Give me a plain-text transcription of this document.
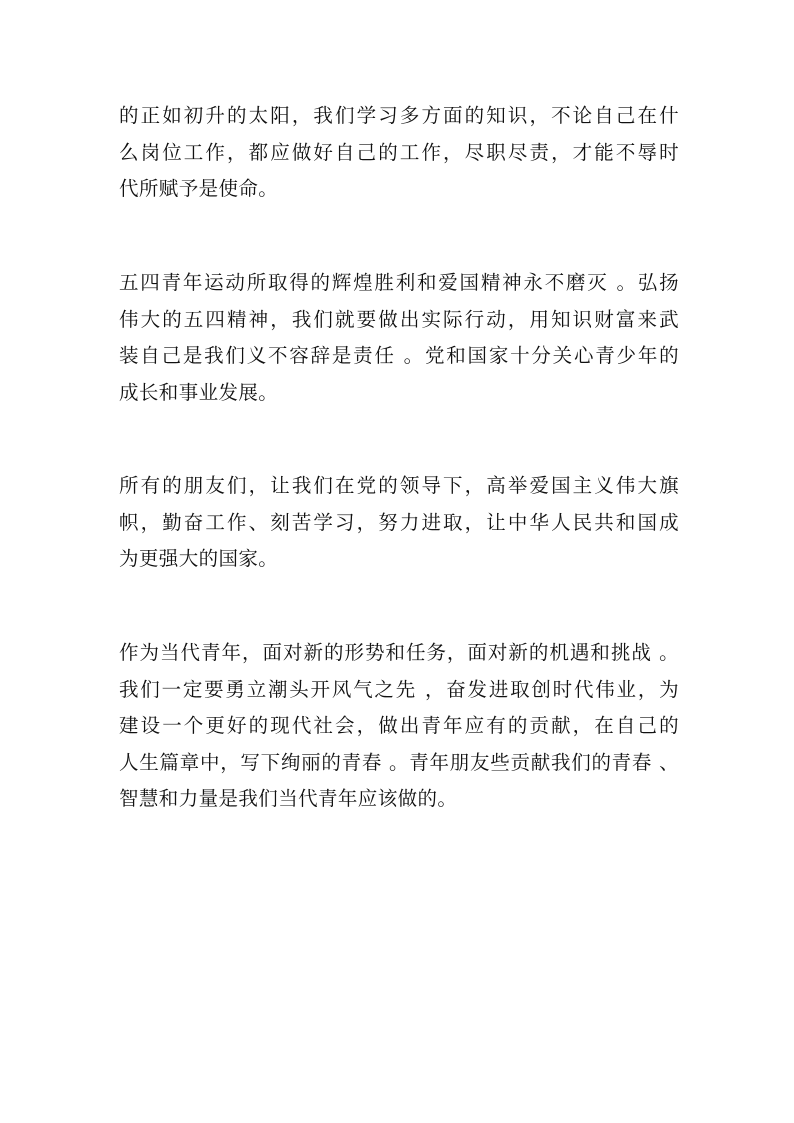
的正如初升的太阳，我们学习多方面的知识，不论自己在什
么岗位工作，都应做好自己的工作，尽职尽责，才能不辱时
代所赋予是使命。
五四青年运动所取得的辉煌胜利和爱国精神永不磨灭 。弘扬
伟大的五四精神，我们就要做出实际行动，用知识财富来武
装自己是我们义不容辞是责任 。党和国家十分关心青少年的
成长和事业发展。
所有的朋友们，让我们在党的领导下，高举爱国主义伟大旗
帜，勤奋工作、刻苦学习，努力进取，让中华人民共和国成
为更强大的国家。
作为当代青年，面对新的形势和任务，面对新的机遇和挑战 。
我们一定要勇立潮头开风气之先 ，奋发进取创时代伟业，为
建设一个更好的现代社会，做出青年应有的贡献，在自己的
人生篇章中，写下绚丽的青春 。青年朋友些贡献我们的青春 、
智慧和力量是我们当代青年应该做的。
